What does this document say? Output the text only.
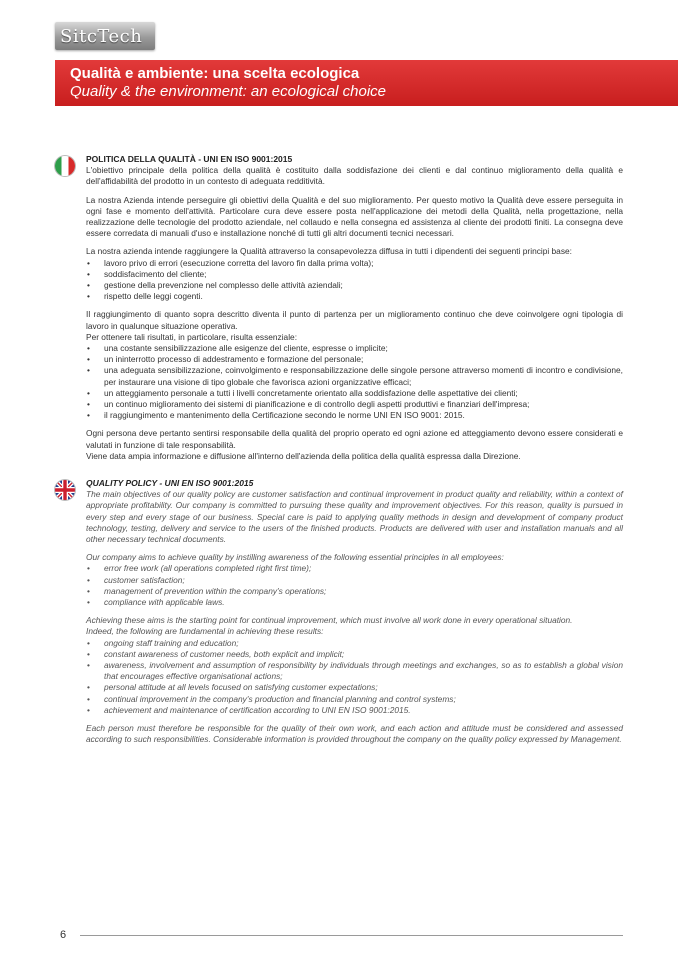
SitcTech
Qualità e ambiente: una scelta ecologica
Quality & the environment: an ecological choice
POLITICA DELLA QUALITÀ - UNI EN ISO 9001:2015

L'obiettivo principale della politica della qualità è costituito dalla soddisfazione dei clienti e dal continuo miglioramento della qualità e dell'affidabilità del prodotto in un contesto di adeguata redditività.

La nostra Azienda intende perseguire gli obiettivi della Qualità e del suo miglioramento. Per questo motivo la Qualità deve essere perseguita in ogni fase e momento dell'attività. Particolare cura deve essere posta nell'applicazione dei metodi della Qualità, nella progettazione, nella realizzazione delle tecnologie del prodotto aziendale, nel collaudo e nella consegna ed assistenza al cliente dei prodotti finiti. La consegna deve essere corredata di manuali d'uso e installazione nonché di tutti gli altri documenti tecnici necessari.

La nostra azienda intende raggiungere la Qualità attraverso la consapevolezza diffusa in tutti i dipendenti dei seguenti principi base:

• lavoro privo di errori (esecuzione corretta del lavoro fin dalla prima volta);
• soddisfacimento del cliente;
• gestione della prevenzione nel complesso delle attività aziendali;
• rispetto delle leggi cogenti.

Il raggiungimento di quanto sopra descritto diventa il punto di partenza per un miglioramento continuo che deve coinvolgere ogni tipologia di lavoro in qualunque situazione operativa.

Per ottenere tali risultati, in particolare, risulta essenziale:

• una costante sensibilizzazione alle esigenze del cliente, espresse o implicite;
• un ininterrotto processo di addestramento e formazione del personale;
• una adeguata sensibilizzazione, coinvolgimento e responsabilizzazione delle singole persone attraverso momenti di incontro e condivisione, per instaurare una visione di tipo globale che favorisca azioni organizzative efficaci;
• un atteggiamento personale a tutti i livelli concretamente orientato alla soddisfazione delle aspettative dei clienti;
• un continuo miglioramento dei sistemi di pianificazione e di controllo degli aspetti produttivi e finanziari dell'impresa;
• il raggiungimento e mantenimento della Certificazione secondo le norme UNI EN ISO 9001: 2015.

Ogni persona deve pertanto sentirsi responsabile della qualità del proprio operato ed ogni azione ed atteggiamento devono essere considerati e valutati in funzione di tale responsabilità.

Viene data ampia informazione e diffusione all'interno dell'azienda della politica della qualità espressa dalla Direzione.

QUALITY POLICY - UNI EN ISO 9001:2015

The main objectives of our quality policy are customer satisfaction and continual improvement in product quality and reliability, within a context of appropriate profitability. Our company is committed to pursuing these quality and improvement objectives. For this reason, quality is pursued in every step and every stage of our business. Special care is paid to applying quality methods in design and development of company product technology, testing, delivery and service to the users of the finished products. Products are delivered with user and installation manuals and all other necessary technical documents.

Our company aims to achieve quality by instilling awareness of the following essential principles in all employees:

• error free work (all operations completed right first time);
• customer satisfaction;
• management of prevention within the company's operations;
• compliance with applicable laws.

Achieving these aims is the starting point for continual improvement, which must involve all work done in every operational situation.

Indeed, the following are fundamental in achieving these results:

• ongoing staff training and education;
• constant awareness of customer needs, both explicit and implicit;
• awareness, involvement and assumption of responsibility by individuals through meetings and exchanges, so as to establish a global vision that encourages effective organisational actions;
• personal attitude at all levels focused on satisfying customer expectations;
• continual improvement in the company's production and financial planning and control systems;
• achievement and maintenance of certification according to UNI EN ISO 9001:2015.

Each person must therefore be responsible for the quality of their own work, and each action and attitude must be considered and assessed according to such responsibilities. Considerable information is provided throughout the company on the quality policy expressed by Management.

6
